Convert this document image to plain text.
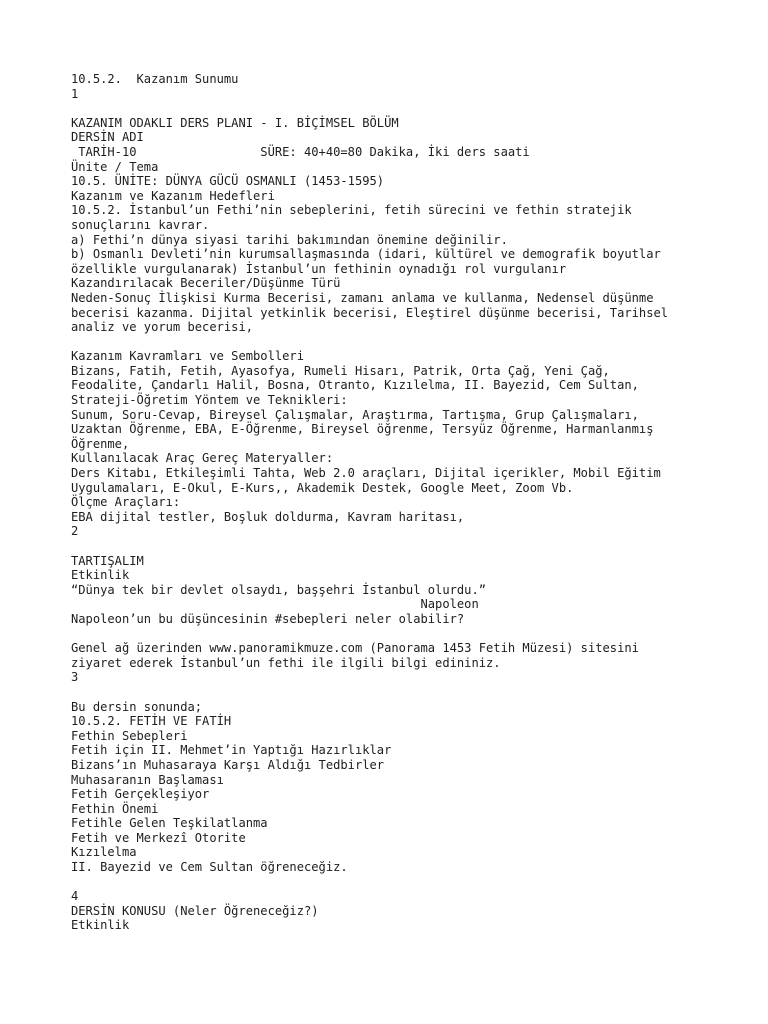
10.5.2.  Kazanım Sunumu
1
KAZANIM ODAKLI DERS PLANI - I. BİÇİMSEL BÖLÜM
DERSİN ADI
TARİH-10                 SÜRE: 40+40=80 Dakika, İki ders saati
Ünite / Tema
10.5. ÜNİTE: DÜNYA GÜCÜ OSMANLI (1453-1595)
Kazanım ve Kazanım Hedefleri
10.5.2. İstanbul’un Fethi’nin sebeplerini, fetih sürecini ve fethin stratejik
sonuçlarını kavrar.
a) Fethi’n dünya siyasi tarihi bakımından önemine değinilir.
b) Osmanlı Devleti’nin kurumsallaşmasında (idari, kültürel ve demografik boyutlar
özellikle vurgulanarak) İstanbul’un fethinin oynadığı rol vurgulanır
Kazandırılacak Beceriler/Düşünme Türü
Neden-Sonuç İlişkisi Kurma Becerisi, zamanı anlama ve kullanma, Nedensel düşünme
becerisi kazanma. Dijital yetkinlik becerisi, Eleştirel düşünme becerisi, Tarihsel
analiz ve yorum becerisi,
Kazanım Kavramları ve Sembolleri
Bizans, Fatih, Fetih, Ayasofya, Rumeli Hisarı, Patrik, Orta Çağ, Yeni Çağ,
Feodalite, Çandarlı Halil, Bosna, Otranto, Kızılelma, II. Bayezid, Cem Sultan,
Strateji-Öğretim Yöntem ve Teknikleri:
Sunum, Soru-Cevap, Bireysel Çalışmalar, Araştırma, Tartışma, Grup Çalışmaları,
Uzaktan Öğrenme, EBA, E-Öğrenme, Bireysel öğrenme, Tersyüz Öğrenme, Harmanlanmış
Öğrenme,
Kullanılacak Araç Gereç Materyaller:
Ders Kitabı, Etkileşimli Tahta, Web 2.0 araçları, Dijital içerikler, Mobil Eğitim
Uygulamaları, E-Okul, E-Kurs,, Akademik Destek, Google Meet, Zoom Vb.
Ölçme Araçları:
EBA dijital testler, Boşluk doldurma, Kavram haritası,
2
TARTIŞALIM
Etkinlik
“Dünya tek bir devlet olsaydı, başşehri İstanbul olurdu.”
Napoleon
Napoleon’un bu düşüncesinin #sebepleri neler olabilir?
Genel ağ üzerinden www.panoramikmuze.com (Panorama 1453 Fetih Müzesi) sitesini
ziyaret ederek İstanbul’un fethi ile ilgili bilgi edininiz.
3
Bu dersin sonunda;
10.5.2. FETİH VE FATİH
Fethin Sebepleri
Fetih için II. Mehmet’in Yaptığı Hazırlıklar
Bizans’ın Muhasaraya Karşı Aldığı Tedbirler
Muhasaranın Başlaması
Fetih Gerçekleşiyor
Fethin Önemi
Fetihle Gelen Teşkilatlanma
Fetih ve Merkezî Otorite
Kızılelma
II. Bayezid ve Cem Sultan öğreneceğiz.
4
DERSİN KONUSU (Neler Öğreneceğiz?)
Etkinlik
